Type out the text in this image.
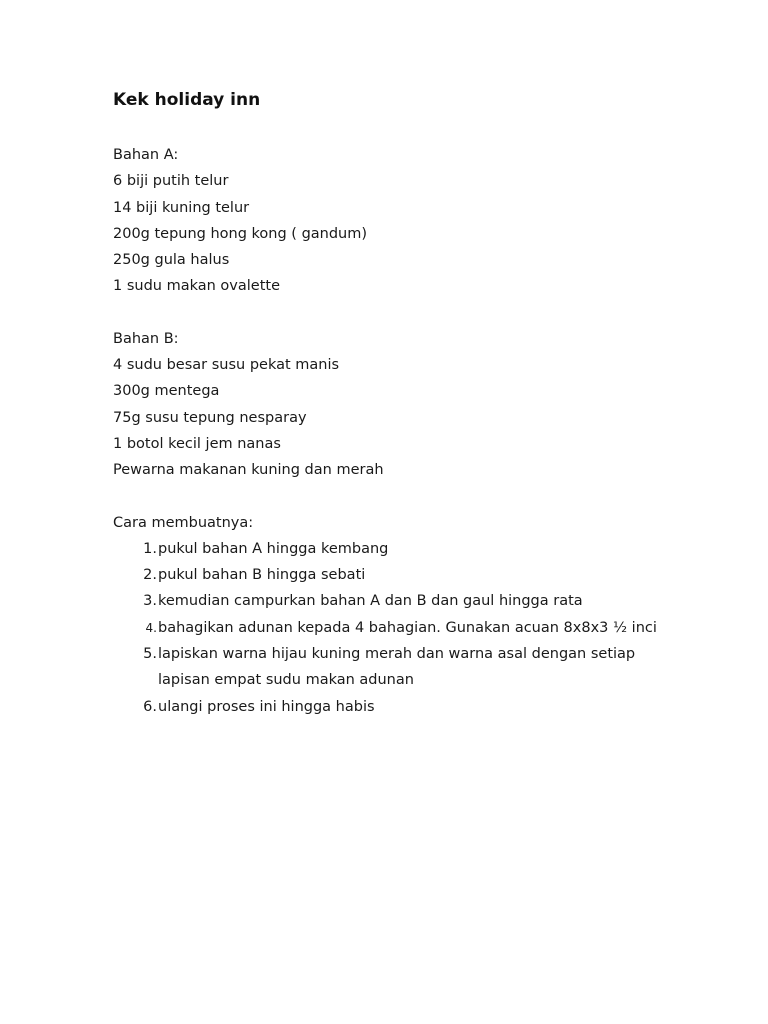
Kek holiday inn

Bahan A:

6 biji putih telur

14 biji kuning telur

200g tepung hong kong ( gandum)

250g gula halus

1 sudu makan ovalette

Bahan B:

4 sudu besar susu pekat manis

300g mentega

75g susu tepung nesparay

1 botol kecil jem nanas

Pewarna makanan kuning dan merah

Cara membuatnya:

1. pukul bahan A hingga kembang
2. pukul bahan B hingga sebati
3. kemudian campurkan bahan A dan B dan gaul hingga rata
4. bahagikan adunan kepada 4 bahagian. Gunakan acuan 8x8x3 ½ inci
5. lapiskan warna hijau kuning merah dan warna asal dengan setiap lapisan empat sudu makan adunan
6. ulangi proses ini hingga habis
